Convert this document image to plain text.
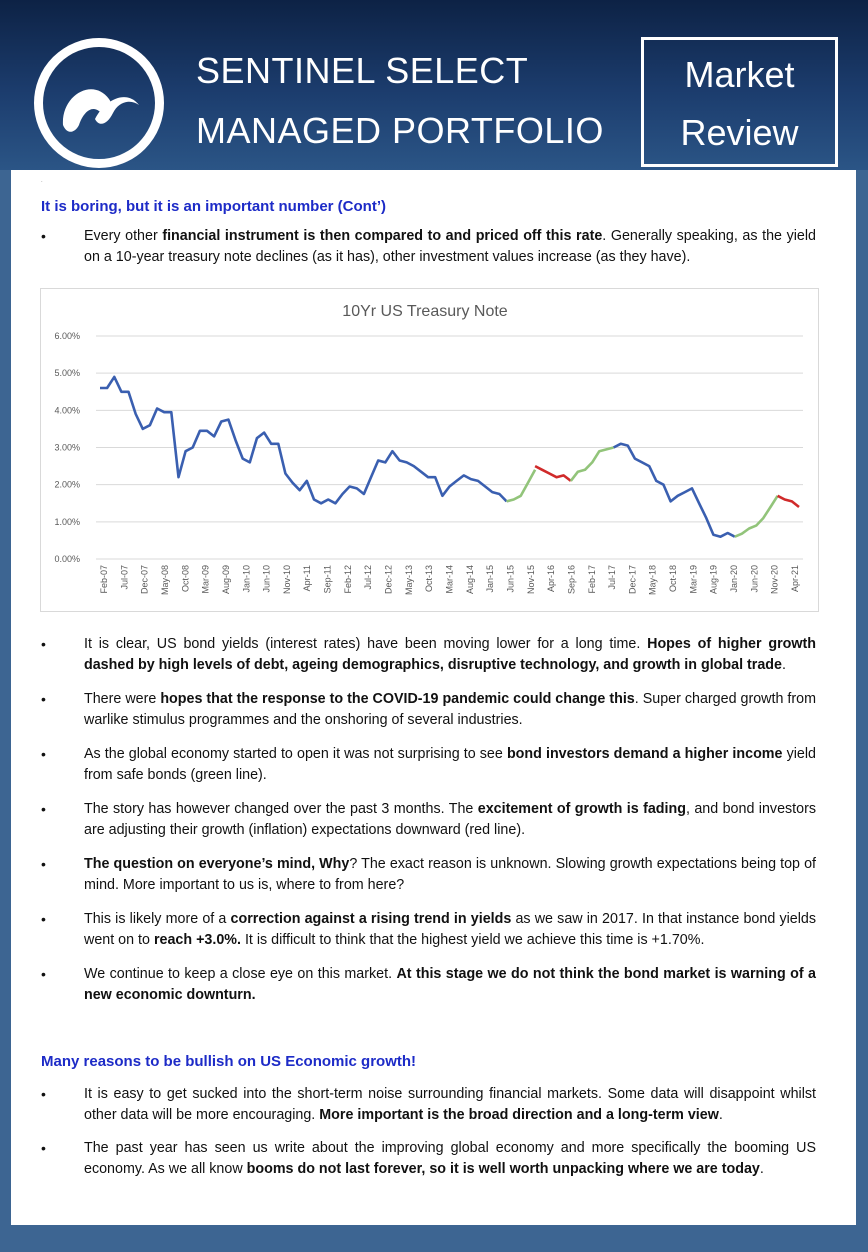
SENTINEL SELECT
MANAGED PORTFOLIO
Market
Review
.
It is boring, but it is an important number (Cont’)
•	Every other financial instrument is then compared to and priced off this rate. Generally speaking, as the yield on a 10-year treasury note declines (as it has), other investment values increase (as they have).
10Yr US Treasury Note
0.00%
1.00%
2.00%
3.00%
4.00%
5.00%
6.00%
Feb-07 Jul-07 Dec-07 May-08 Oct-08 Mar-09 Aug-09 Jan-10 Jun-10 Nov-10 Apr-11 Sep-11 Feb-12 Jul-12 Dec-12 May-13 Oct-13 Mar-14 Aug-14 Jan-15 Jun-15 Nov-15 Apr-16 Sep-16 Feb-17 Jul-17 Dec-17 May-18 Oct-18 Mar-19 Aug-19 Jan-20 Jun-20 Nov-20 Apr-21
•	It is clear, US bond yields (interest rates) have been moving lower for a long time. Hopes of higher growth dashed by high levels of debt, ageing demographics, disruptive technology, and growth in global trade.
•	There were hopes that the response to the COVID-19 pandemic could change this. Super charged growth from warlike stimulus programmes and the onshoring of several industries.
•	As the global economy started to open it was not surprising to see bond investors demand a higher income yield from safe bonds (green line).
•	The story has however changed over the past 3 months. The excitement of growth is fading, and bond investors are adjusting their growth (inflation) expectations downward (red line).
•	The question on everyone’s mind, Why? The exact reason is unknown. Slowing growth expectations being top of mind. More important to us is, where to from here?
•	This is likely more of a correction against a rising trend in yields as we saw in 2017. In that instance bond yields went on to reach +3.0%. It is difficult to think that the highest yield we achieve this time is +1.70%.
•	We continue to keep a close eye on this market. At this stage we do not think the bond market is warning of a new economic downturn.
Many reasons to be bullish on US Economic growth!
•	It is easy to get sucked into the short-term noise surrounding financial markets. Some data will disappoint whilst other data will be more encouraging. More important is the broad direction and a long-term view.
•	The past year has seen us write about the improving global economy and more specifically the booming US economy. As we all know booms do not last forever, so it is well worth unpacking where we are today.
